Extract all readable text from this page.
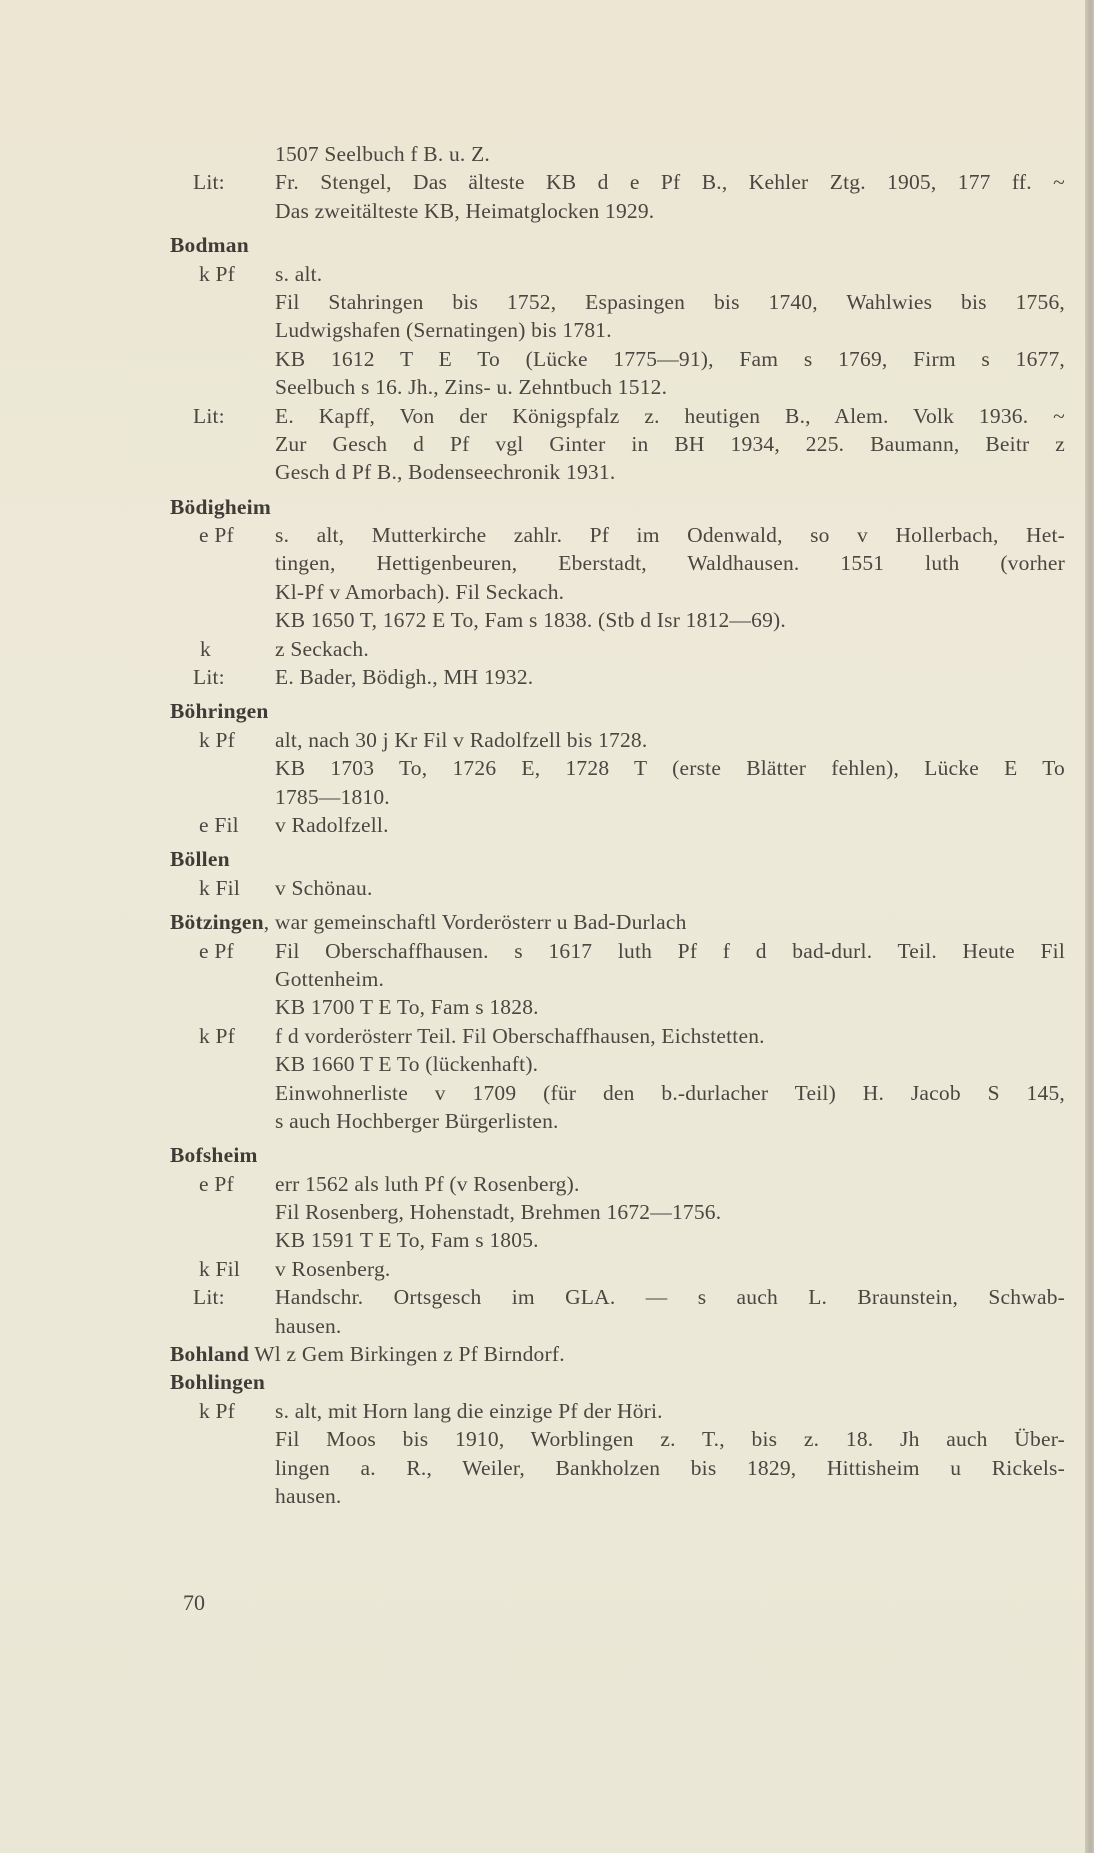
1507 Seelbuch f B. u. Z.
Lit: Fr. Stengel, Das älteste KB d e Pf B., Kehler Ztg. 1905, 177 ff. ~
Das zweitälteste KB, Heimatglocken 1929.
Bodman
k Pf s. alt.
Fil Stahringen bis 1752, Espasingen bis 1740, Wahlwies bis 1756,
Ludwigshafen (Sernatingen) bis 1781.
KB 1612 T E To (Lücke 1775—91), Fam s 1769, Firm s 1677,
Seelbuch s 16. Jh., Zins- u. Zehntbuch 1512.
Lit: E. Kapff, Von der Königspfalz z. heutigen B., Alem. Volk 1936. ~
Zur Gesch d Pf vgl Ginter in BH 1934, 225. Baumann, Beitr z
Gesch d Pf B., Bodenseechronik 1931.
Bödigheim
e Pf s. alt, Mutterkirche zahlr. Pf im Odenwald, so v Hollerbach, Het-
tingen, Hettigenbeuren, Eberstadt, Waldhausen. 1551 luth (vorher
Kl-Pf v Amorbach). Fil Seckach.
KB 1650 T, 1672 E To, Fam s 1838. (Stb d Isr 1812—69).
k	z Seckach.
Lit: E. Bader, Bödigh., MH 1932.
Böhringen
k Pf alt, nach 30 j Kr Fil v Radolfzell bis 1728.
KB 1703 To, 1726 E, 1728 T (erste Blätter fehlen), Lücke E To
1785—1810.
e Fil v Radolfzell.
Böllen
k Fil v Schönau.
Bötzingen, war gemeinschaftl Vorderösterr u Bad-Durlach
e Pf Fil Oberschaffhausen. s 1617 luth Pf f d bad-durl. Teil. Heute Fil
Gottenheim.
KB 1700 T E To, Fam s 1828.
k Pf f d vorderösterr Teil. Fil Oberschaffhausen, Eichstetten.
KB 1660 T E To (lückenhaft).
Einwohnerliste v 1709 (für den b.-durlacher Teil) H. Jacob S 145,
s auch Hochberger Bürgerlisten.
Bofsheim
e Pf err 1562 als luth Pf (v Rosenberg).
Fil Rosenberg, Hohenstadt, Brehmen 1672—1756.
KB 1591 T E To, Fam s 1805.
k Fil v Rosenberg.
Lit: Handschr. Ortsgesch im GLA. — s auch L. Braunstein, Schwab-
hausen.
Bohland Wl z Gem Birkingen z Pf Birndorf.
Bohlingen
k Pf s. alt, mit Horn lang die einzige Pf der Höri.
Fil Moos bis 1910, Worblingen z. T., bis z. 18. Jh auch Über-
lingen a. R., Weiler, Bankholzen bis 1829, Hittisheim u Rickels-
hausen.
70
